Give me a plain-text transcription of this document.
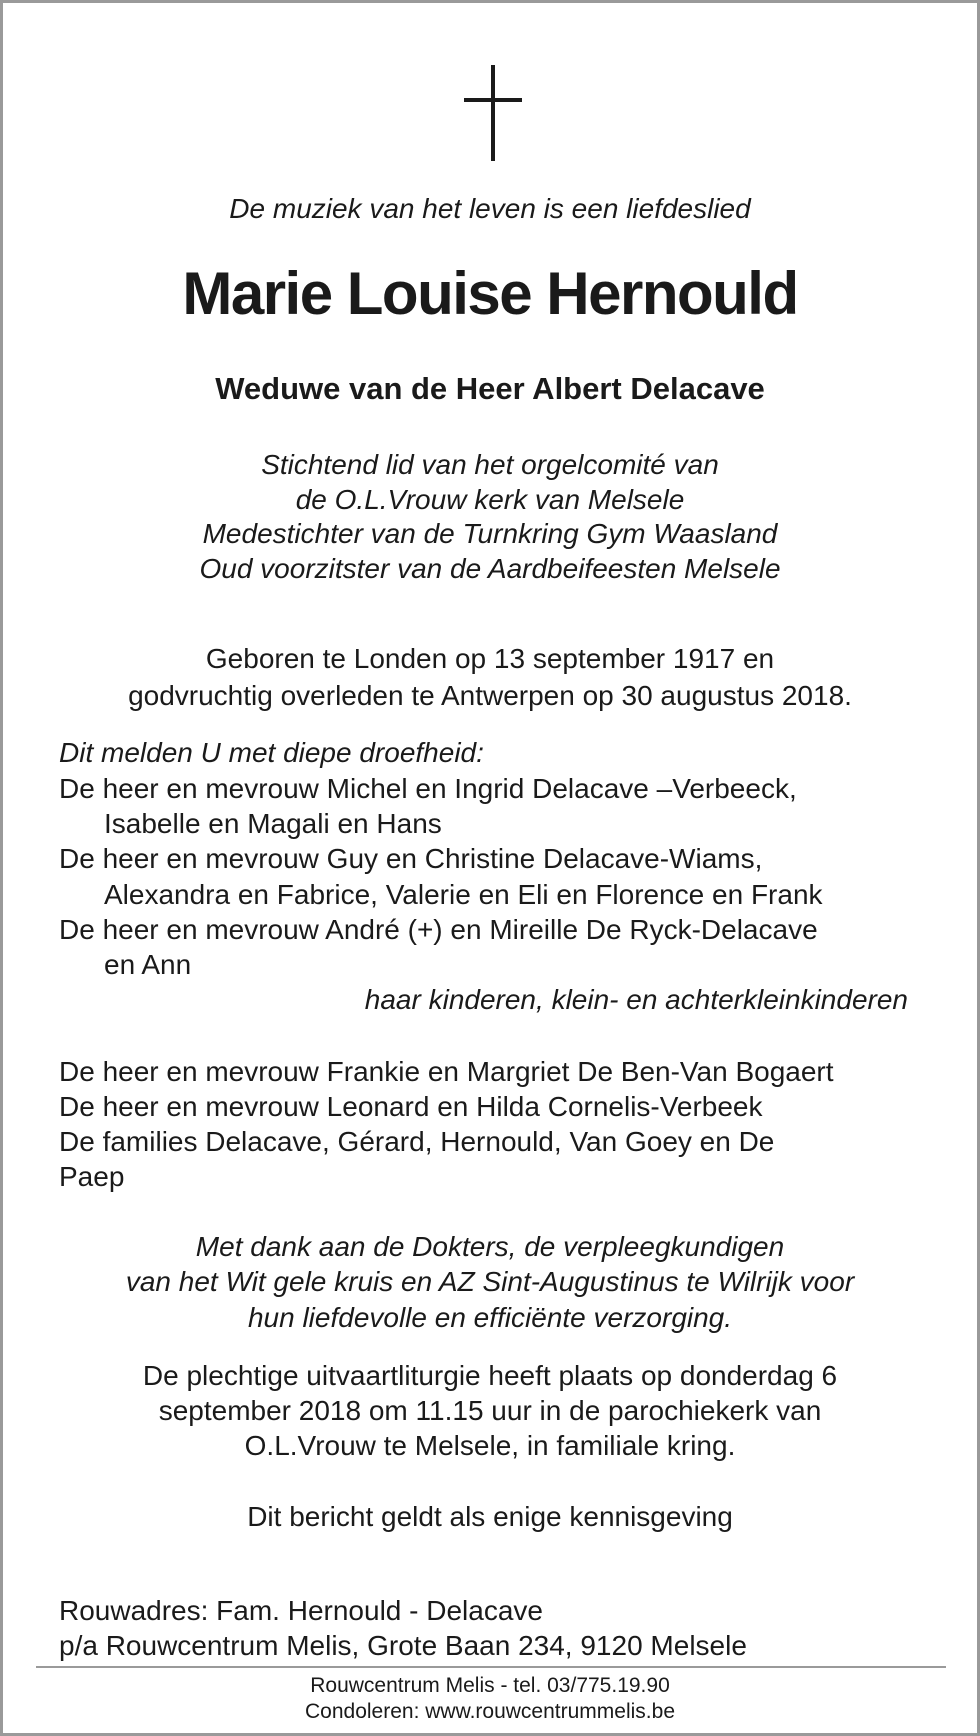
De muziek van het leven is een liefdeslied
Marie Louise Hernould
Weduwe van de Heer Albert Delacave
Stichtend lid van het orgelcomité van
de O.L.Vrouw kerk van Melsele
Medestichter van de Turnkring Gym Waasland
Oud voorzitster van de Aardbeifeesten Melsele
Geboren te Londen op 13 september 1917 en
godvruchtig overleden te Antwerpen op 30 augustus 2018.
Dit melden U met diepe droefheid:
De heer en mevrouw Michel en Ingrid Delacave –Verbeeck,
Isabelle en Magali en Hans
De heer en mevrouw Guy en Christine Delacave-Wiams,
Alexandra en Fabrice, Valerie en Eli en Florence en Frank
De heer en mevrouw André (+) en Mireille De Ryck-Delacave
en Ann
haar kinderen, klein- en achterkleinkinderen
De heer en mevrouw Frankie en Margriet De Ben-Van Bogaert
De heer en mevrouw Leonard en Hilda Cornelis-Verbeek
De families Delacave, Gérard, Hernould, Van Goey en De
Paep
Met dank aan de Dokters, de verpleegkundigen
van het Wit gele kruis en AZ Sint-Augustinus te Wilrijk voor
hun liefdevolle en efficiënte verzorging.
De plechtige uitvaartliturgie heeft plaats op donderdag 6
september 2018 om 11.15 uur in de parochiekerk van
O.L.Vrouw te Melsele, in familiale kring.
Dit bericht geldt als enige kennisgeving
Rouwadres: Fam. Hernould - Delacave
p/a Rouwcentrum Melis, Grote Baan 234, 9120 Melsele
Rouwcentrum Melis - tel. 03/775.19.90
Condoleren: www.rouwcentrummelis.be
